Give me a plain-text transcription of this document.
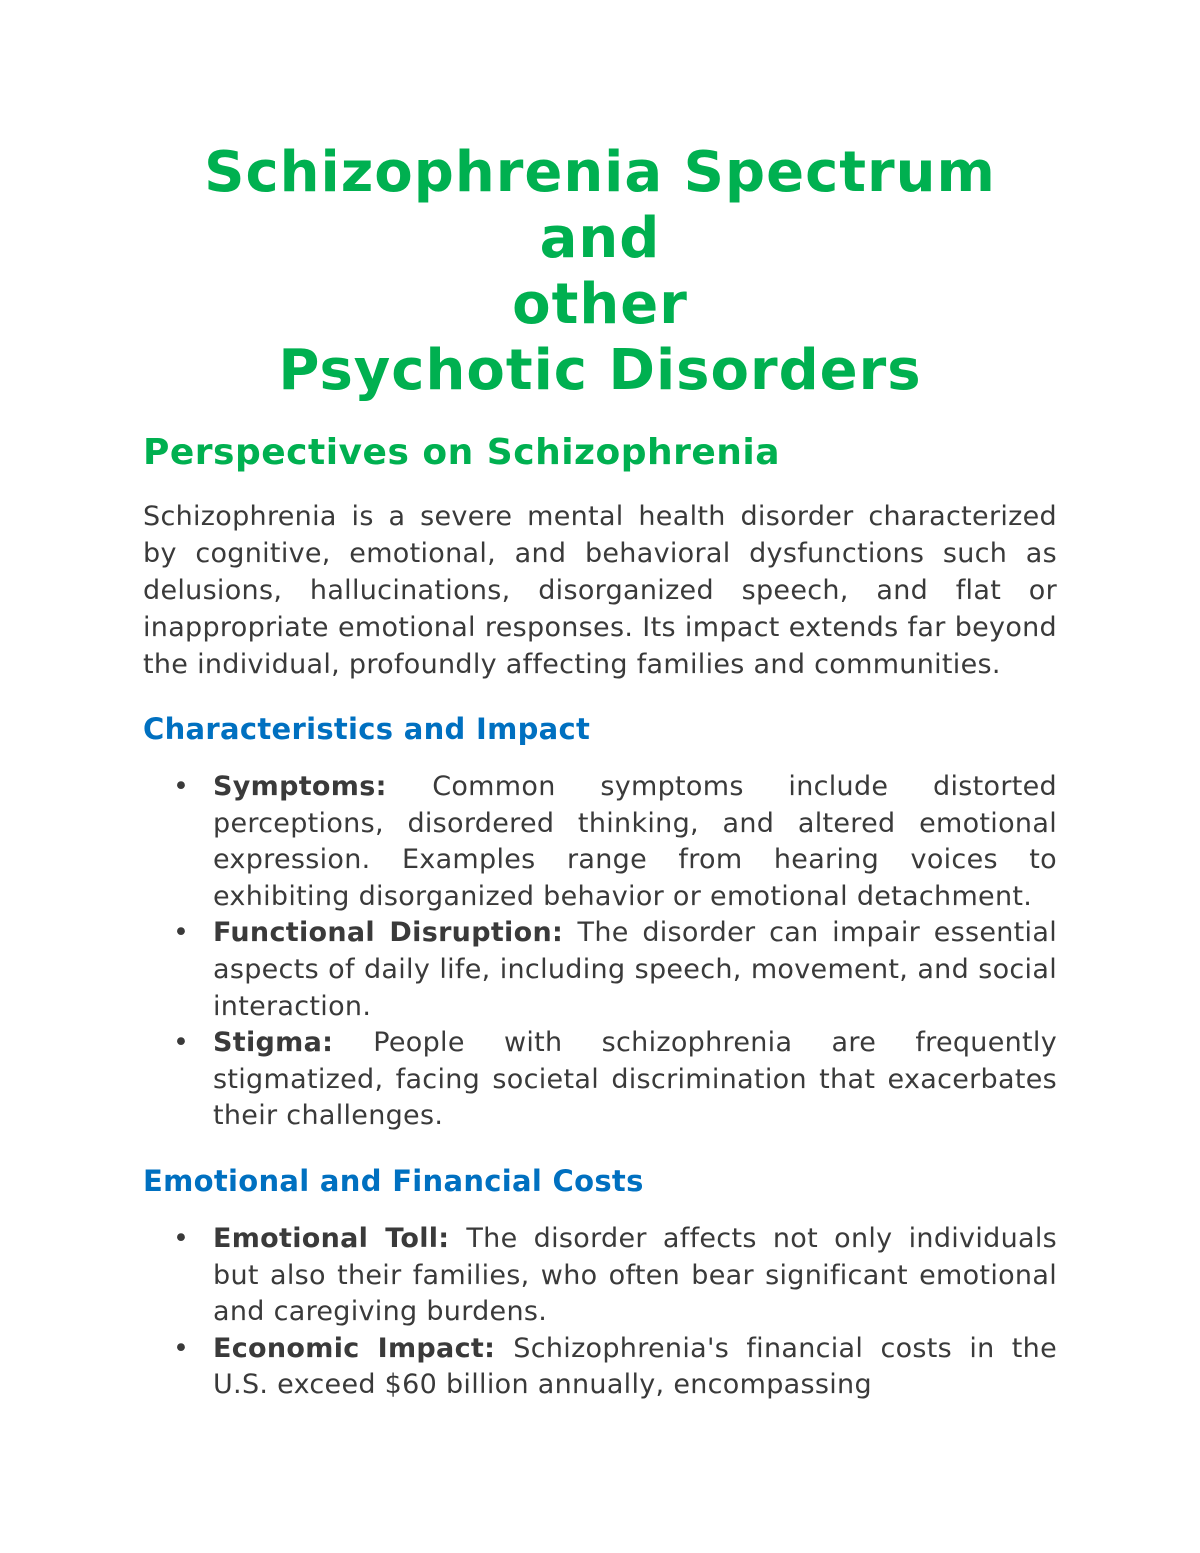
Schizophrenia Spectrum and
other
Psychotic Disorders
Perspectives on Schizophrenia

Schizophrenia is a severe mental health disorder characterized by cognitive, emotional, and behavioral dysfunctions such as delusions, hallucinations, disorganized speech, and flat or inappropriate emotional responses. Its impact extends far beyond the individual, profoundly affecting families and communities.

Characteristics and Impact
• Symptoms: Common symptoms include distorted perceptions, disordered thinking, and altered emotional expression. Examples range from hearing voices to exhibiting disorganized behavior or emotional detachment.
• Functional Disruption: The disorder can impair essential aspects of daily life, including speech, movement, and social interaction.
• Stigma: People with schizophrenia are frequently stigmatized, facing societal discrimination that exacerbates their challenges.
Emotional and Financial Costs
• Emotional Toll: The disorder affects not only individuals but also their families, who often bear significant emotional and caregiving burdens.
• Economic Impact: Schizophrenia's financial costs in the U.S. exceed $60 billion annually, encompassing
